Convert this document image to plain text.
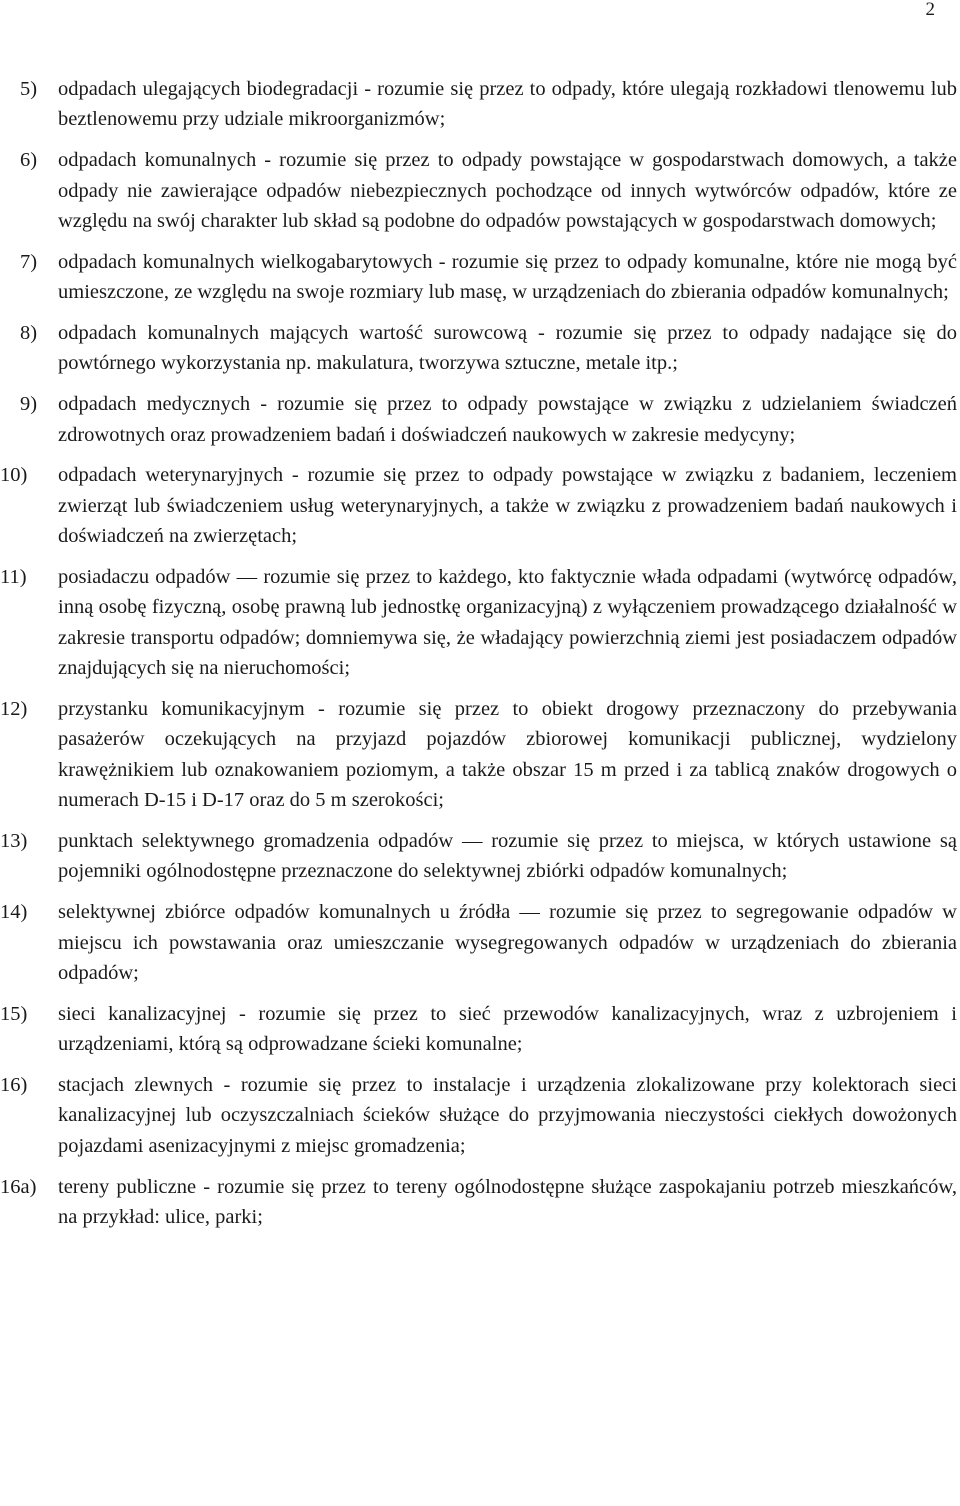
2
5)	odpadach ulegających biodegradacji - rozumie się przez to odpady, które ulegają rozkładowi tlenowemu lub beztlenowemu przy udziale mikroorganizmów;
6)	odpadach komunalnych - rozumie się przez to odpady powstające w gospodarstwach domowych, a także odpady nie zawierające odpadów niebezpiecznych pochodzące od innych wytwórców odpadów, które ze względu na swój charakter lub skład są podobne do odpadów powstających w gospodarstwach domowych;
7)	odpadach komunalnych wielkogabarytowych - rozumie się przez to odpady komunalne, które nie mogą być umieszczone, ze względu na swoje rozmiary lub masę, w urządzeniach do zbierania odpadów komunalnych;
8)	odpadach komunalnych mających wartość surowcową - rozumie się przez to odpady nadające się do powtórnego wykorzystania np. makulatura, tworzywa sztuczne, metale itp.;
9)	odpadach medycznych - rozumie się przez to odpady powstające w związku z udzielaniem świadczeń zdrowotnych oraz prowadzeniem badań i doświadczeń naukowych w zakresie medycyny;
10)	odpadach weterynaryjnych - rozumie się przez to odpady powstające w związku z badaniem, leczeniem zwierząt lub świadczeniem usług weterynaryjnych, a także w związku z prowadzeniem badań naukowych i doświadczeń na zwierzętach;
11)	posiadaczu odpadów — rozumie się przez to każdego, kto faktycznie włada odpadami (wytwórcę odpadów, inną osobę fizyczną, osobę prawną lub jednostkę organizacyjną) z wyłączeniem prowadzącego działalność w zakresie transportu odpadów; domniemywa się, że władający powierzchnią ziemi jest posiadaczem odpadów znajdujących się na nieruchomości;
12)	przystanku komunikacyjnym - rozumie się przez to obiekt drogowy przeznaczony do przebywania pasażerów oczekujących na przyjazd pojazdów zbiorowej komunikacji publicznej, wydzielony krawężnikiem lub oznakowaniem poziomym, a także obszar 15 m przed i za tablicą znaków drogowych o numerach D-15 i D-17 oraz do 5 m szerokości;
13)	punktach selektywnego gromadzenia odpadów — rozumie się przez to miejsca, w których ustawione są pojemniki ogólnodostępne przeznaczone do selektywnej zbiórki odpadów komunalnych;
14)	selektywnej zbiórce odpadów komunalnych u źródła — rozumie się przez to segregowanie odpadów w miejscu ich powstawania oraz umieszczanie wysegregowanych odpadów w urządzeniach do zbierania odpadów;
15)	sieci kanalizacyjnej - rozumie się przez to sieć przewodów kanalizacyjnych, wraz z uzbrojeniem i urządzeniami, którą są odprowadzane ścieki komunalne;
16)	stacjach zlewnych - rozumie się przez to instalacje i urządzenia zlokalizowane przy kolektorach sieci kanalizacyjnej lub oczyszczalniach ścieków służące do przyjmowania nieczystości ciekłych dowożonych pojazdami asenizacyjnymi z miejsc gromadzenia;
16a)	tereny publiczne - rozumie się przez to tereny ogólnodostępne służące zaspokajaniu potrzeb mieszkańców, na przykład: ulice, parki;
